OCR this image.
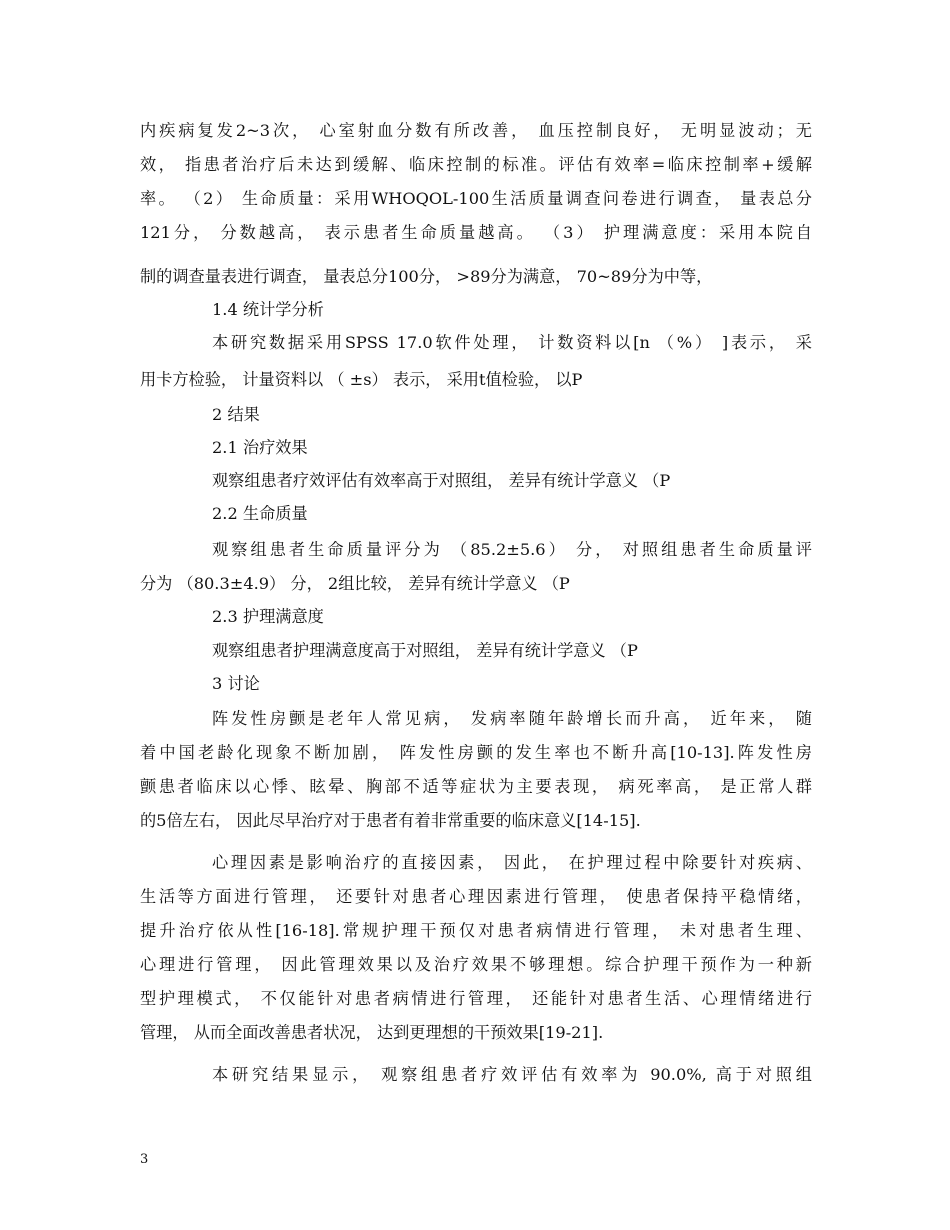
内疾病复发2~3次， 心室射血分数有所改善， 血压控制良好， 无明显波动；无
效， 指患者治疗后未达到缓解、临床控制的标准。评估有效率=临床控制率+缓解
率。 （2） 生命质量：采用WHOQOL-100生活质量调查问卷进行调查， 量表总分
121分， 分数越高， 表示患者生命质量越高。 （3） 护理满意度：采用本院自
制的调查量表进行调查， 量表总分100分， >89分为满意， 70~89分为中等，
1.4 统计学分析
本研究数据采用SPSS 17.0软件处理， 计数资料以[n （%） ]表示， 采
用卡方检验， 计量资料以 （ ±s） 表示， 采用t值检验， 以P
2 结果
2.1 治疗效果
观察组患者疗效评估有效率高于对照组， 差异有统计学意义 （P
2.2 生命质量
观察组患者生命质量评分为 （85.2±5.6） 分， 对照组患者生命质量评
分为 （80.3±4.9） 分， 2组比较， 差异有统计学意义 （P
2.3 护理满意度
观察组患者护理满意度高于对照组， 差异有统计学意义 （P
3 讨论
阵发性房颤是老年人常见病， 发病率随年龄增长而升高， 近年来， 随
着中国老龄化现象不断加剧， 阵发性房颤的发生率也不断升高[10-13].阵发性房
颤患者临床以心悸、眩晕、胸部不适等症状为主要表现， 病死率高， 是正常人群
的5倍左右， 因此尽早治疗对于患者有着非常重要的临床意义[14-15].
心理因素是影响治疗的直接因素， 因此， 在护理过程中除要针对疾病、
生活等方面进行管理， 还要针对患者心理因素进行管理， 使患者保持平稳情绪，
提升治疗依从性[16-18].常规护理干预仅对患者病情进行管理， 未对患者生理、
心理进行管理， 因此管理效果以及治疗效果不够理想。综合护理干预作为一种新
型护理模式， 不仅能针对患者病情进行管理， 还能针对患者生活、心理情绪进行
管理， 从而全面改善患者状况， 达到更理想的干预效果[19-21].
本研究结果显示， 观察组患者疗效评估有效率为 90.0%, 高于对照组
3
